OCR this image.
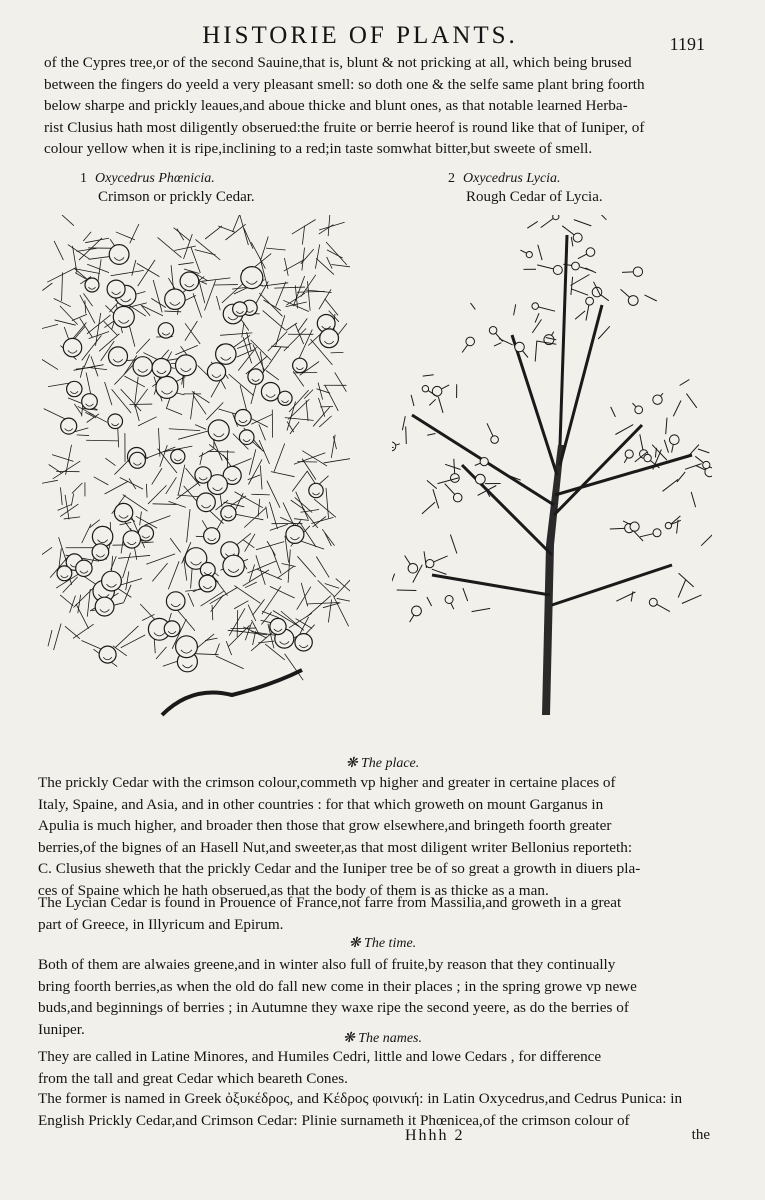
HISTORIE OF PLANTS.	1191

of the Cypres tree,or of the second Sauine,that is, blunt & not pricking at all, which being brused

between the fingers do yeeld a very pleasant smell: so doth one & the selfe same plant bring foorth

below sharpe and prickly leaues,and aboue thicke and blunt ones, as that notable learned Herba-

rist Clusius hath most diligently obserued:the fruite or berrie heerof is round like that of Iuniper, of

colour yellow when it is ripe,inclining to a red;in taste somwhat bitter,but sweete of smell.

1 Oxycedrus Phœnicia.
Crimson or prickly Cedar.
2 Oxycedrus Lycia.
Rough Cedar of Lycia.

❋ The place.

The prickly Cedar with the crimson colour,commeth vp higher and greater in certaine places of

Italy, Spaine, and Asia, and in other countries : for that which groweth on mount Garganus in

Apulia is much higher, and broader then those that grow elsewhere,and bringeth foorth greater

berries,of the bignes of an Hasell Nut,and sweeter,as that most diligent writer Bellonius reporteth:

C. Clusius sheweth that the prickly Cedar and the Iuniper tree be of so great a growth in diuers pla-

ces of Spaine which he hath obserued,as that the body of them is as thicke as a man.

The Lycian Cedar is found in Prouence of France,not farre from Massilia,and groweth in a great

part of Greece, in Illyricum and Epirum.

❋ The time.

Both of them are alwaies greene,and in winter also full of fruite,by reason that they continually

bring foorth berries,as when the old do fall new come in their places ; in the spring growe vp newe

buds,and beginnings of berries ; in Autumne they waxe ripe the second yeere, as do the berries of

Iuniper.

❋ The names.

They are called in Latine Minores, and Humiles Cedri, little and lowe Cedars , for difference

from the tall and great Cedar which beareth Cones.

The former is named in Greek ὀξυκέδρος, and Κέδρος φοινική: in Latin Oxycedrus,and Cedrus Punica: in

English Prickly Cedar,and Crimson Cedar: Plinie surnameth it Phœnicea,of the crimson colour of

Hhhh 2	the
